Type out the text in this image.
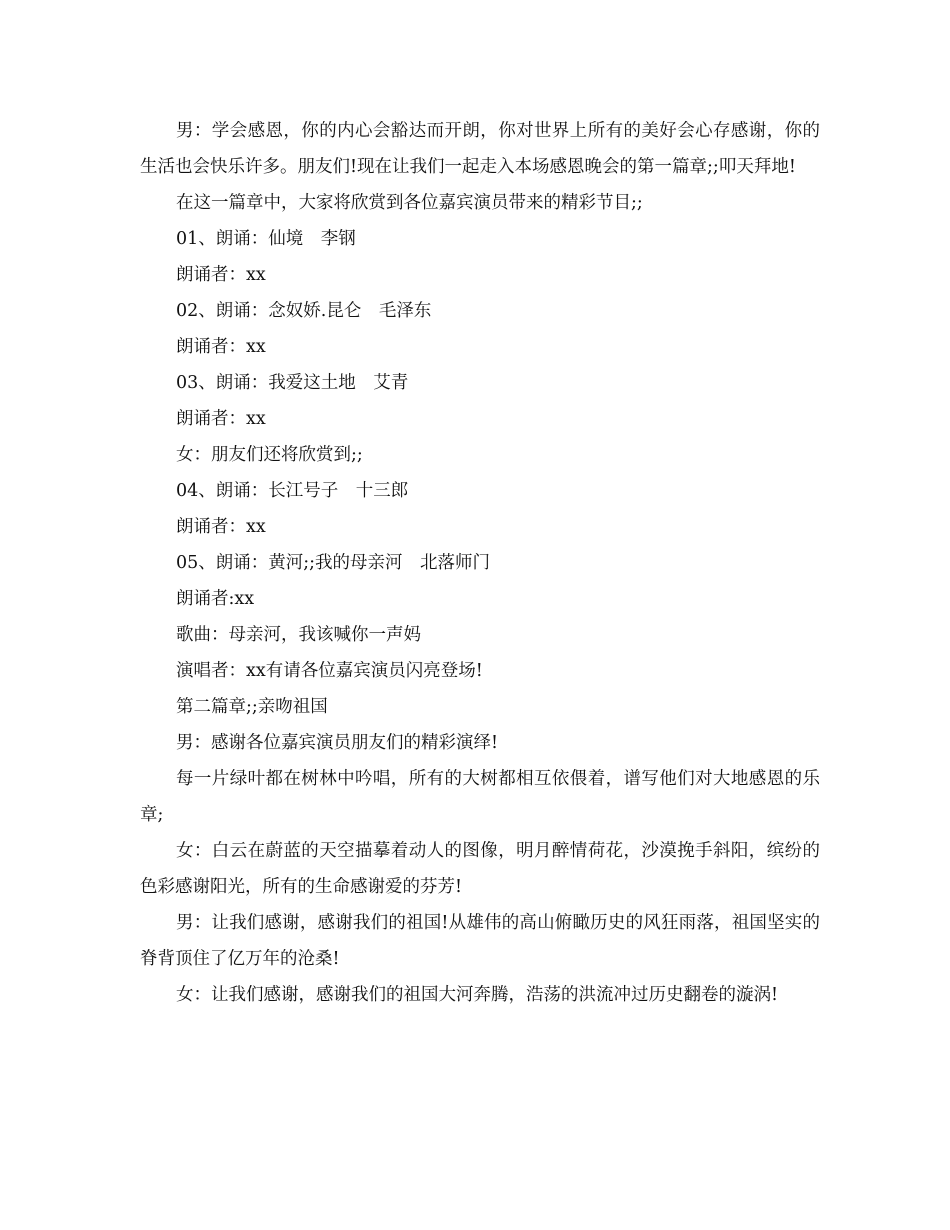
男：学会感恩，你的内心会豁达而开朗，你对世界上所有的美好会心存感谢，你的生活也会快乐许多。朋友们!现在让我们一起走入本场感恩晚会的第一篇章;;叩天拜地!

在这一篇章中，大家将欣赏到各位嘉宾演员带来的精彩节目;;

01、朗诵：仙境　李钢

朗诵者：xx

02、朗诵：念奴娇.昆仑　毛泽东

朗诵者：xx

03、朗诵：我爱这土地　艾青

朗诵者：xx

女：朋友们还将欣赏到;;

04、朗诵：长江号子　十三郎

朗诵者：xx

05、朗诵：黄河;;我的母亲河　北落师门

朗诵者:xx

歌曲：母亲河，我该喊你一声妈

演唱者：xx有请各位嘉宾演员闪亮登场!

第二篇章;;亲吻祖国

男：感谢各位嘉宾演员朋友们的精彩演绎!

每一片绿叶都在树林中吟唱，所有的大树都相互依偎着，谱写他们对大地感恩的乐章;

女：白云在蔚蓝的天空描摹着动人的图像，明月醉情荷花，沙漠挽手斜阳，缤纷的色彩感谢阳光，所有的生命感谢爱的芬芳!

男：让我们感谢，感谢我们的祖国!从雄伟的高山俯瞰历史的风狂雨落，祖国坚实的脊背顶住了亿万年的沧桑!

女：让我们感谢，感谢我们的祖国大河奔腾，浩荡的洪流冲过历史翻卷的漩涡!
